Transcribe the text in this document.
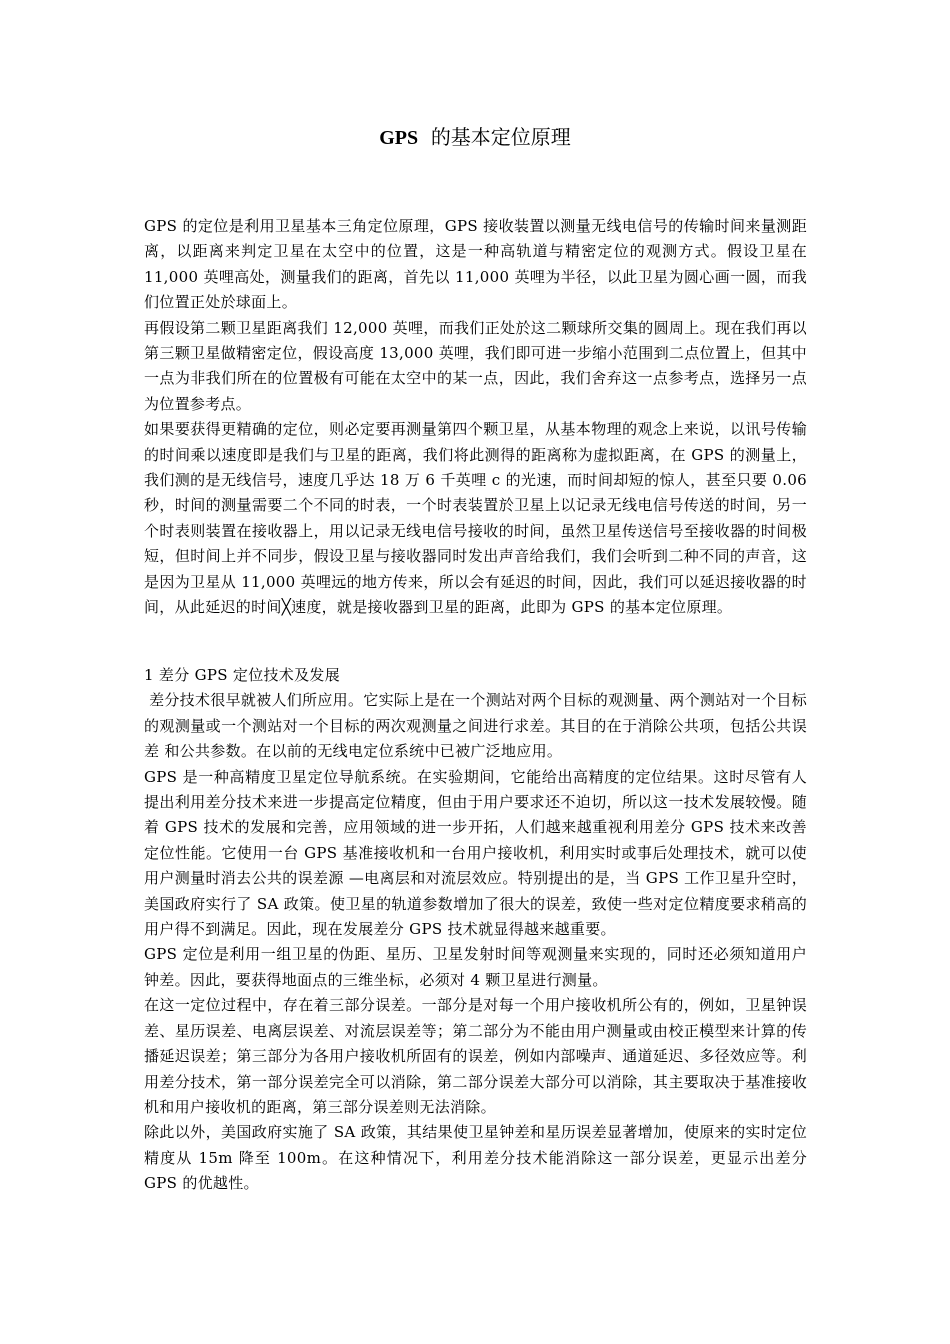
GPS 的基本定位原理

GPS 的定位是利用卫星基本三角定位原理，GPS 接收装置以测量无线电信号的传输时间来量测距离，以距离来判定卫星在太空中的位置，这是一种高轨道与精密定位的观测方式。假设卫星在 11,000 英哩高处，测量我们的距离，首先以 11,000 英哩为半径，以此卫星为圆心画一圆，而我们位置正处於球面上。

再假设第二颗卫星距离我们 12,000 英哩，而我们正处於这二颗球所交集的圆周上。现在我们再以第三颗卫星做精密定位，假设高度 13,000 英哩，我们即可进一步缩小范围到二点位置上，但其中一点为非我们所在的位置极有可能在太空中的某一点，因此，我们舍弃这一点参考点，选择另一点为位置参考点。

如果要获得更精确的定位，则必定要再测量第四个颗卫星，从基本物理的观念上来说，以讯号传输的时间乘以速度即是我们与卫星的距离，我们将此测得的距离称为虚拟距离，在 GPS 的测量上，我们测的是无线信号，速度几乎达 18 万 6 千英哩 c 的光速，而时间却短的惊人，甚至只要 0.06 秒，时间的测量需要二个不同的时表，一个时表装置於卫星上以记录无线电信号传送的时间，另一个时表则装置在接收器上，用以记录无线电信号接收的时间，虽然卫星传送信号至接收器的时间极短，但时间上并不同步，假设卫星与接收器同时发出声音给我们，我们会听到二种不同的声音，这是因为卫星从 11,000 英哩远的地方传来，所以会有延迟的时间，因此，我们可以延迟接收器的时间，从此延迟的时间╳速度，就是接收器到卫星的距离，此即为 GPS 的基本定位原理。

1 差分 GPS 定位技术及发展

差分技术很早就被人们所应用。它实际上是在一个测站对两个目标的观测量、两个测站对一个目标的观测量或一个测站对一个目标的两次观测量之间进行求差。其目的在于消除公共项，包括公共误差 和公共参数。在以前的无线电定位系统中已被广泛地应用。

GPS 是一种高精度卫星定位导航系统。在实验期间，它能给出高精度的定位结果。这时尽管有人提出利用差分技术来进一步提高定位精度，但由于用户要求还不迫切，所以这一技术发展较慢。随着 GPS 技术的发展和完善，应用领域的进一步开拓，人们越来越重视利用差分 GPS 技术来改善定位性能。它使用一台 GPS 基准接收机和一台用户接收机，利用实时或事后处理技术，就可以使用户测量时消去公共的误差源 —电离层和对流层效应。特别提出的是，当 GPS 工作卫星升空时，美国政府实行了 SA 政策。使卫星的轨道参数增加了很大的误差，致使一些对定位精度要求稍高的用户得不到满足。因此，现在发展差分 GPS 技术就显得越来越重要。

GPS 定位是利用一组卫星的伪距、星历、卫星发射时间等观测量来实现的，同时还必须知道用户钟差。因此，要获得地面点的三维坐标，必须对 4 颗卫星进行测量。

在这一定位过程中，存在着三部分误差。一部分是对每一个用户接收机所公有的，例如，卫星钟误差、星历误差、电离层误差、对流层误差等；第二部分为不能由用户测量或由校正模型来计算的传播延迟误差；第三部分为各用户接收机所固有的误差，例如内部噪声、通道延迟、多径效应等。利用差分技术，第一部分误差完全可以消除，第二部分误差大部分可以消除，其主要取决于基准接收机和用户接收机的距离，第三部分误差则无法消除。

除此以外，美国政府实施了 SA 政策，其结果使卫星钟差和星历误差显著增加，使原来的实时定位精度从 15m 降至 100m。在这种情况下，利用差分技术能消除这一部分误差，更显示出差分 GPS 的优越性。
